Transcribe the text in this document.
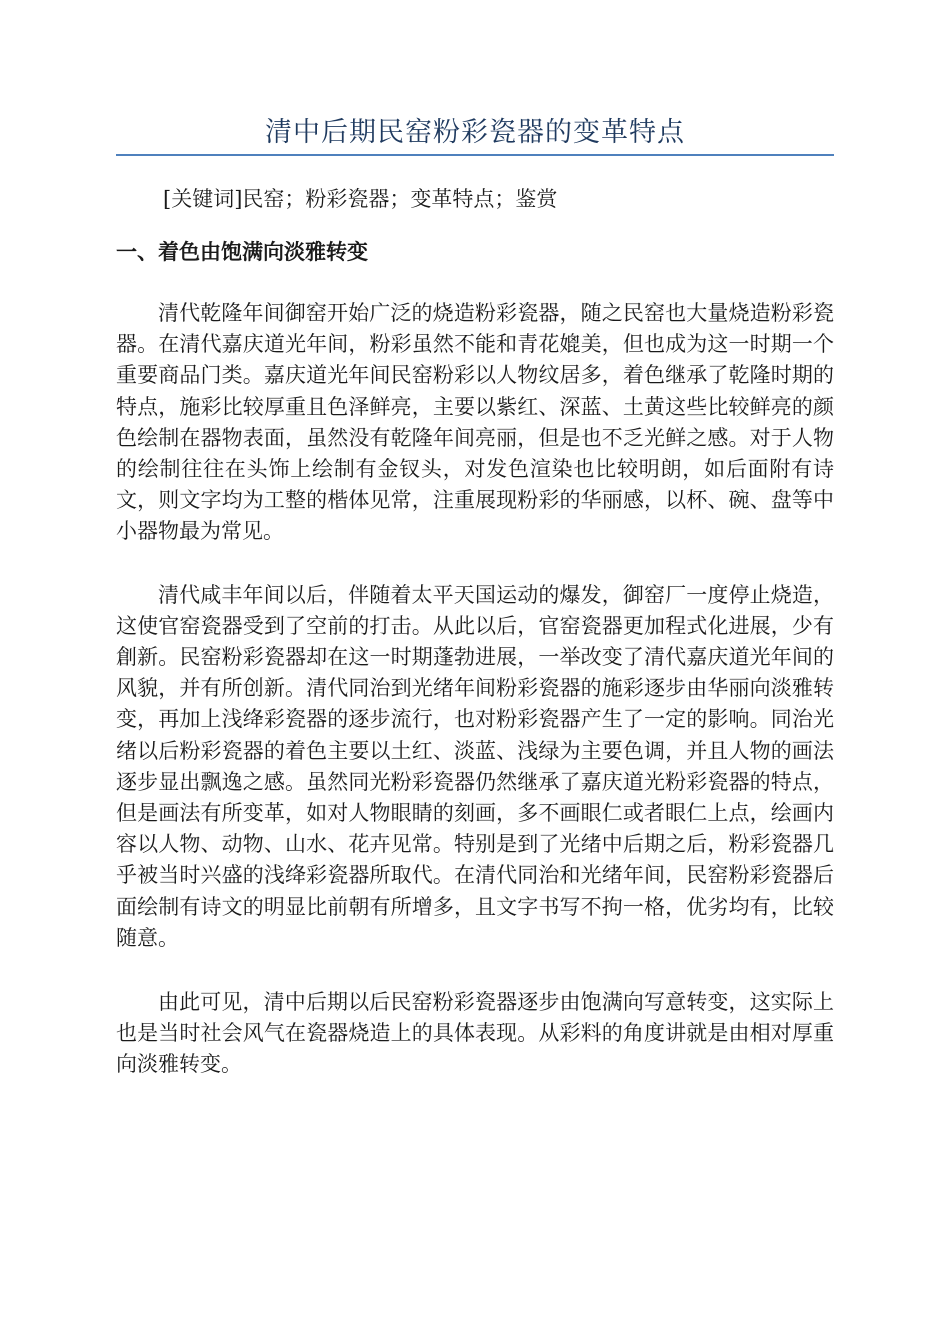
清中后期民窑粉彩瓷器的变革特点
[关键词]民窑；粉彩瓷器；变革特点；鉴赏
一、着色由饱满向淡雅转变

清代乾隆年间御窑开始广泛的烧造粉彩瓷器，随之民窑也大量烧造粉彩瓷器。在清代嘉庆道光年间，粉彩虽然不能和青花媲美，但也成为这一时期一个重要商品门类。嘉庆道光年间民窑粉彩以人物纹居多，着色继承了乾隆时期的特点，施彩比较厚重且色泽鲜亮，主要以紫红、深蓝、土黄这些比较鲜亮的颜色绘制在器物表面，虽然没有乾隆年间亮丽，但是也不乏光鲜之感。对于人物的绘制往往在头饰上绘制有金钗头，对发色渲染也比较明朗，如后面附有诗文，则文字均为工整的楷体见常，注重展现粉彩的华丽感，以杯、碗、盘等中小器物最为常见。

清代咸丰年间以后，伴随着太平天国运动的爆发，御窑厂一度停止烧造，这使官窑瓷器受到了空前的打击。从此以后，官窑瓷器更加程式化进展，少有創新。民窑粉彩瓷器却在这一时期蓬勃进展，一举改变了清代嘉庆道光年间的风貌，并有所创新。清代同治到光绪年间粉彩瓷器的施彩逐步由华丽向淡雅转变，再加上浅绛彩瓷器的逐步流行，也对粉彩瓷器产生了一定的影响。同治光绪以后粉彩瓷器的着色主要以土红、淡蓝、浅绿为主要色调，并且人物的画法逐步显出飘逸之感。虽然同光粉彩瓷器仍然继承了嘉庆道光粉彩瓷器的特点，但是画法有所变革，如对人物眼睛的刻画，多不画眼仁或者眼仁上点，绘画内容以人物、动物、山水、花卉见常。特别是到了光绪中后期之后，粉彩瓷器几乎被当时兴盛的浅绛彩瓷器所取代。在清代同治和光绪年间，民窑粉彩瓷器后面绘制有诗文的明显比前朝有所增多，且文字书写不拘一格，优劣均有，比较随意。

由此可见，清中后期以后民窑粉彩瓷器逐步由饱满向写意转变，这实际上也是当时社会风气在瓷器烧造上的具体表现。从彩料的角度讲就是由相对厚重向淡雅转变。
